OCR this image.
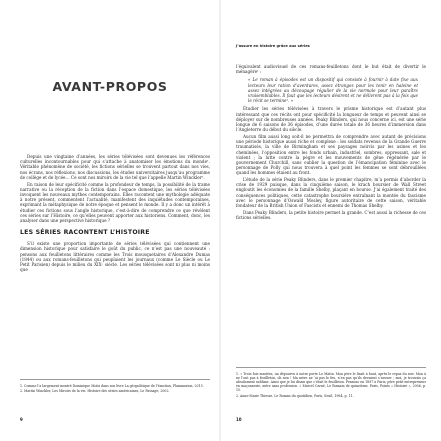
AVANT-PROPOS

Depuis une vingtaine d’années, les séries télévisées sont devenues les références culturelles incontournables pour qui s’attache à anatomiser les émotions du monde¹. Véritable phénomène de société, les fictions sérielles se trouvent partout dans nos vies, nos écrans, nos réflexions, nos discussions, les études universitaires jusqu’au programme de collège et de lycée… Ce sont nos miroirs de la vie tel que l’appelle Martin Winckler².

En raison de leur spécificité comme la profondeur de temps, la possibilité de la trame narrative ou la réception de la fiction dans l’espace domestique, les séries télévisées invoquent les nouveaux mythes contemporains. Elles racontent une mythologie adéquate à notre présent, commentent l’actualité, manifestent des inquiétudes contemporaines, exprimant la métaphysique de notre époque et pensent le monde. Il y a donc un intérêt à étudier ces fictions sous l’angle historique, c’est-à-dire de comprendre ce que révèlent ces séries sur l’Histoire, ce qu’elles peuvent apporter aux historiens. Comment, donc, les analyser dans une perspective historique ?

LES SÉRIES RACONTENT L’HISTOIRE

S’il existe une proportion importante de séries télévisées qui contiennent une dimension historique pour satisfaire le goût du public, ce n’est pas une nouveauté : pensons aux feuilletons littéraires comme les Trois mousquetaires d’Alexandre Dumas (1844) ou aux romans-feuilletons qui peuplaient les journaux (comme Le Siècle ou Le Petit Parisien) depuis le milieu du XIXᵉ siècle. Les séries télévisées sont ni plus ni moins que

1. Comme l’a largement montré Dominique Moïsi dans son livre La géopolitique de l’émotion, Flammarion, 2015.
2. Martin Winckler, Les Miroirs de la vie. Histoire des séries américaines, Le Passage, 2002.
9
J’assure en histoire grâce aux séries

l’équivalent audiovisuel de ces romans-feuilletons dont le but était de divertir le ménagère¹ :

« Le roman à épisodes est un dispositif qui consiste à fournir à date fixe aux lecteurs leur ration d’aventures, assez étranges pour les tenir en haleine et assez intégrées au découpage régulier de la vie normale pour leur paraître vraisemblables. Il faut que les lecteurs désirent et ne délivrent pas à la fois que le récit se termine². »

Étudier les séries télévisées à travers le prisme historique est d’autant plus intéressant que ces récits ont pour spécificité la longueur de temps et peuvent ainsi se déployer sur de nombreuses années. Peaky Blinders, qui nous concerne ici, est une série longue de 6 saisons de 36 épisodes, d’une durée totale de 36 heures d’immersion dans l’Angleterre du début du siècle.

Aucun film aussi long soit-il ne permettra de comprendre avec autant de précisions une période historique aussi riche et complexe : les soldats revenus de la Grande Guerre traumatisés, la ville de Birmingham et ses paysages noircis par les usines et les cheminées, l’opposition entre les fonds urbain, industriel, sombres, oppressant, sale et violent ; la lutte contre la pègre et les mouvements de gêne régénérée par le gouvernement Churchill, sans oublier la question de l’émancipation féminine avec le personnage de Polly qui nous trouvera à quel point les femmes se sont débrouillées quand les hommes étaient au front.

L’étude de la série Peaky Blinders, dans le premier chapitre, m’a permis d’aborder la crise de 1929 puisque, dans la cinquième saison, le krach boursier de Wall Street engloutit les économies de la famille Shelby, plaçant en bourse. J’ai également traité des conséquences politiques, cette catastrophe boursière entraînant la montée du fascisme avec le personnage d’Oswald Mosley, figure autoritaire de cette saison, véritable fondateur de la British Union of Fascists et ennemi de Thomas Shelby.

Dans Peaky Blinders, la petite histoire permet la grande. C’est aussi la richesse de ces fictions sérielles.

1. « Trois fois mariées, un dépourvu à notre porte Le Matin. Mon père le lisait à haut, après le repas du soir. Mon à ne l’ont pas à feuilleton, oh non ! Ma mère ne ‘ai pas le feu, n’en pas qu’ils devaient s’avouer ; moi, je trouvais ça absolument sublime. Ainsi que je lui disais que c’était le feuilleton. Pensons en 1897 à Paris, père petit entrepreneur en maçonnerie, mère sans profession. » Marcel Carné, Le Romain de quinzième, Paris, Points « Histoire », 2006, p. 15.
2. Anne-Marie Thiesse, Le Roman du quotidien, Paris, Seuil, 1984, p. 11.
10
